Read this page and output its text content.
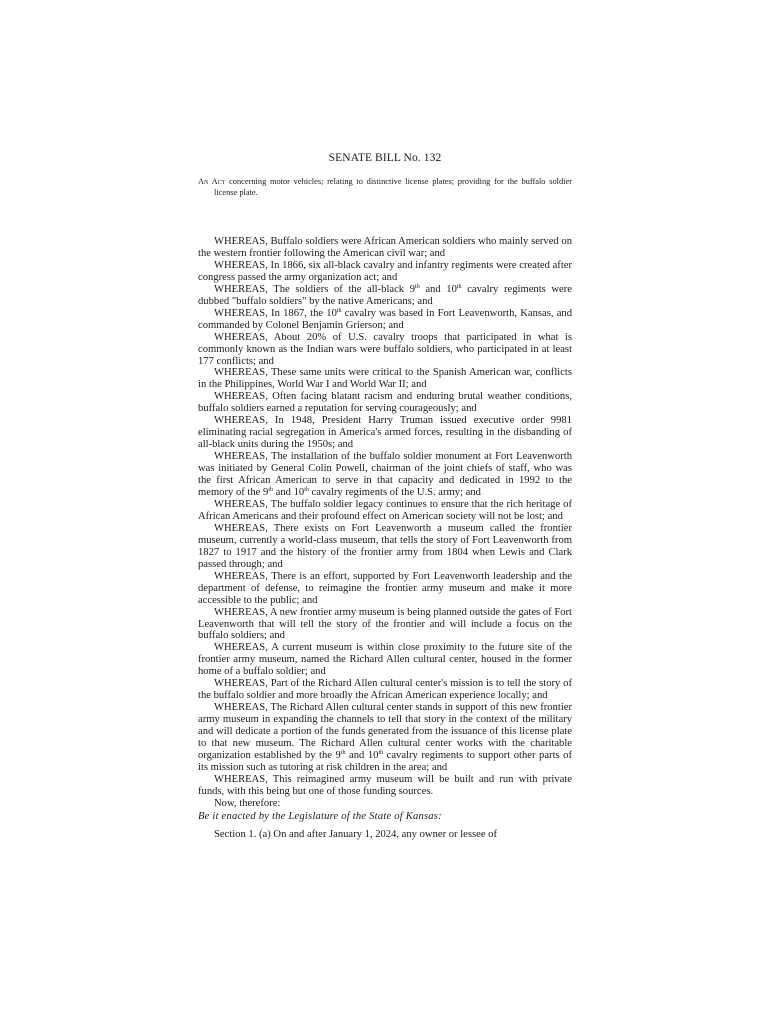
SENATE BILL No. 132
An Act concerning motor vehicles; relating to distinctive license plates; providing for the buffalo soldier license plate.

WHEREAS, Buffalo soldiers were African American soldiers who mainly served on the western frontier following the American civil war; and

WHEREAS, In 1866, six all-black cavalry and infantry regiments were created after congress passed the army organization act; and

WHEREAS, The soldiers of the all-black 9th and 10th cavalry regiments were dubbed "buffalo soldiers" by the native Americans; and

WHEREAS, In 1867, the 10th cavalry was based in Fort Leavenworth, Kansas, and commanded by Colonel Benjamin Grierson; and

WHEREAS, About 20% of U.S. cavalry troops that participated in what is commonly known as the Indian wars were buffalo soldiers, who participated in at least 177 conflicts; and

WHEREAS, These same units were critical to the Spanish American war, conflicts in the Philippines, World War I and World War II; and

WHEREAS, Often facing blatant racism and enduring brutal weather conditions, buffalo soldiers earned a reputation for serving courageously; and

WHEREAS, In 1948, President Harry Truman issued executive order 9981 eliminating racial segregation in America's armed forces, resulting in the disbanding of all-black units during the 1950s; and

WHEREAS, The installation of the buffalo soldier monument at Fort Leavenworth was initiated by General Colin Powell, chairman of the joint chiefs of staff, who was the first African American to serve in that capacity and dedicated in 1992 to the memory of the 9th and 10th cavalry regiments of the U.S. army; and

WHEREAS, The buffalo soldier legacy continues to ensure that the rich heritage of African Americans and their profound effect on American society will not be lost; and

WHEREAS, There exists on Fort Leavenworth a museum called the frontier museum, currently a world-class museum, that tells the story of Fort Leavenworth from 1827 to 1917 and the history of the frontier army from 1804 when Lewis and Clark passed through; and

WHEREAS, There is an effort, supported by Fort Leavenworth leadership and the department of defense, to reimagine the frontier army museum and make it more accessible to the public; and

WHEREAS, A new frontier army museum is being planned outside the gates of Fort Leavenworth that will tell the story of the frontier and will include a focus on the buffalo soldiers; and

WHEREAS, A current museum is within close proximity to the future site of the frontier army museum, named the Richard Allen cultural center, housed in the former home of a buffalo soldier; and

WHEREAS, Part of the Richard Allen cultural center's mission is to tell the story of the buffalo soldier and more broadly the African American experience locally; and

WHEREAS, The Richard Allen cultural center stands in support of this new frontier army museum in expanding the channels to tell that story in the context of the military and will dedicate a portion of the funds generated from the issuance of this license plate to that new museum. The Richard Allen cultural center works with the charitable organization established by the 9th and 10th cavalry regiments to support other parts of its mission such as tutoring at risk children in the area; and

WHEREAS, This reimagined army museum will be built and run with private funds, with this being but one of those funding sources.

Now, therefore:

Be it enacted by the Legislature of the State of Kansas:

Section 1. (a) On and after January 1, 2024, any owner or lessee of
